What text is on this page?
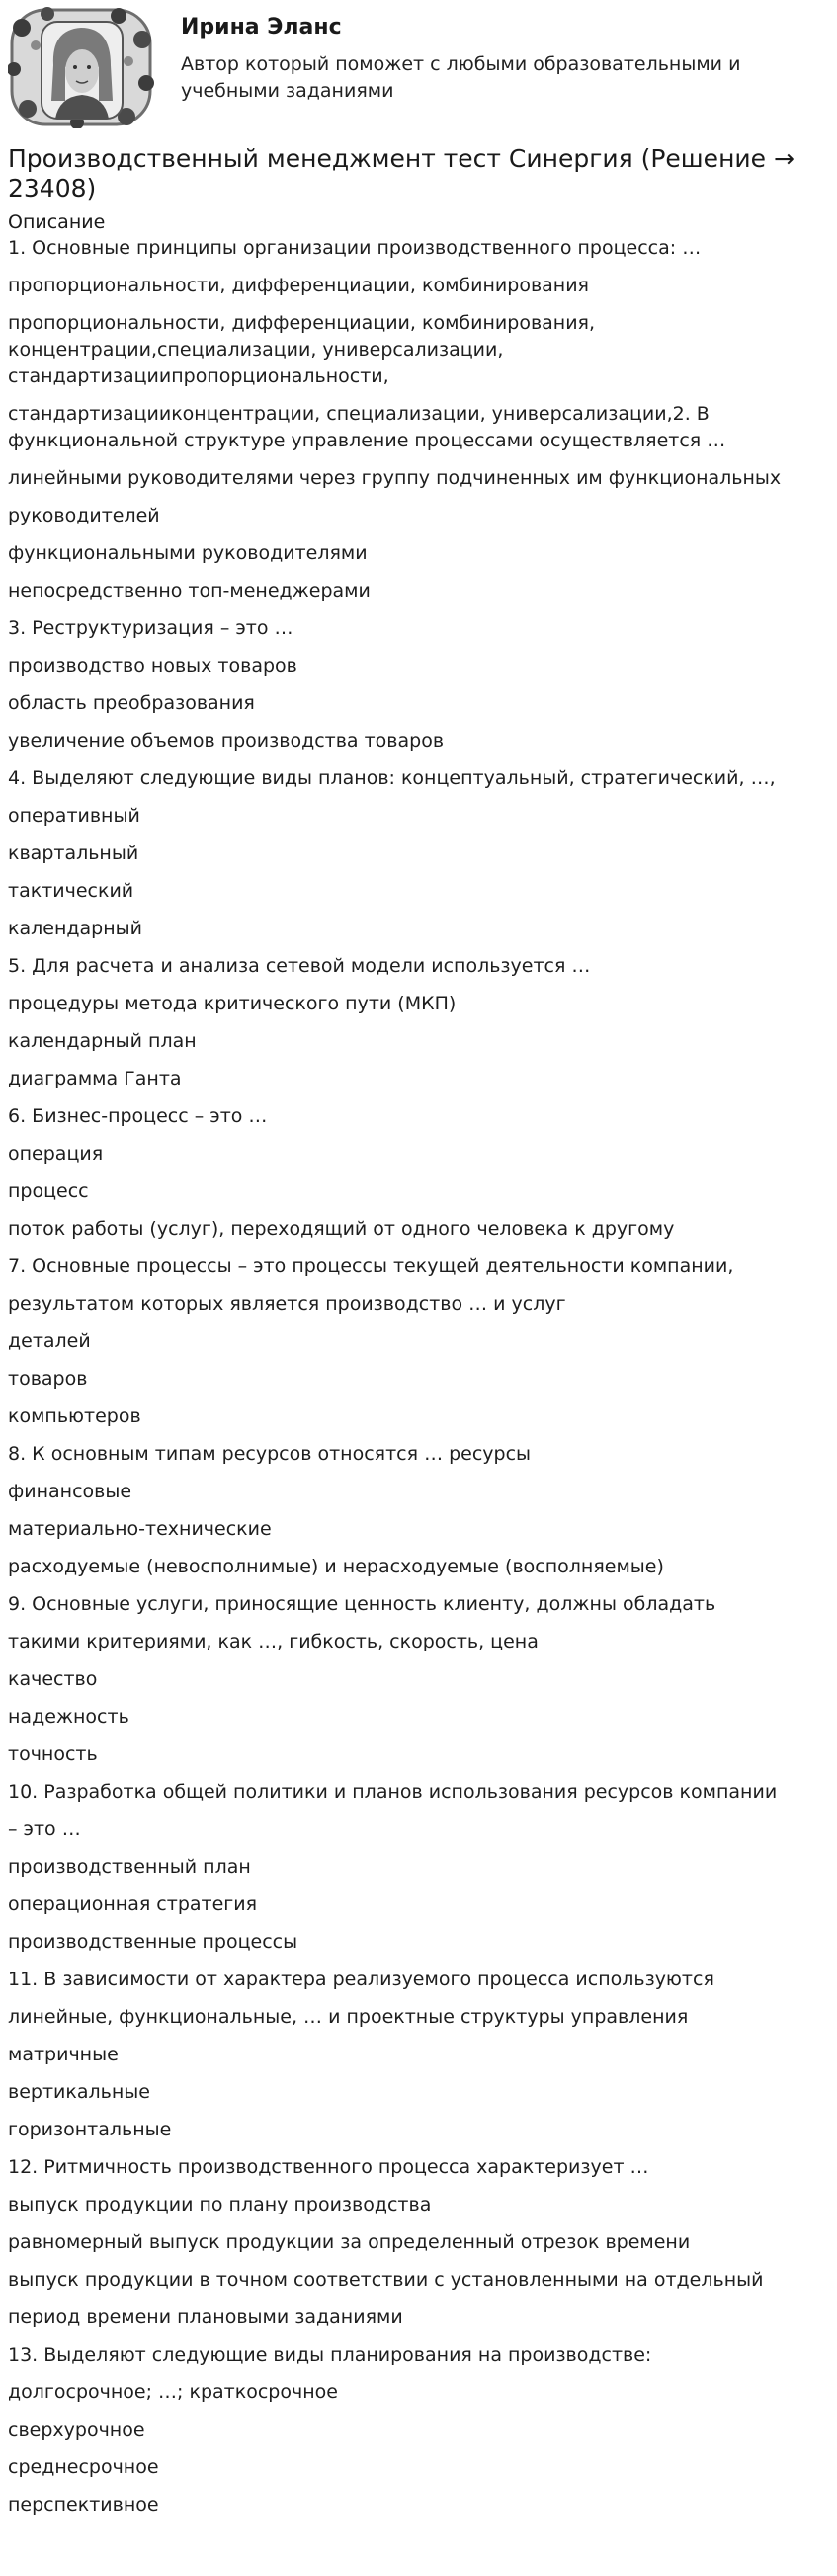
Ирина Эланс
Автор который поможет с любыми образовательными и учебными заданиями
Производственный менеджмент тест Синергия (Решение → 23408)
Описание
1. Основные принципы организации производственного процесса: …
пропорциональности, дифференциации, комбинирования
пропорциональности, дифференциации, комбинирования, концентрации,специализации, универсализации, стандартизациипропорциональности,
стандартизацииконцентрации, специализации, универсализации,2. В функциональной структуре управление процессами осуществляется …
линейными руководителями через группу подчиненных им функциональных
руководителей
функциональными руководителями
непосредственно топ-менеджерами
3. Реструктуризация – это …
производство новых товаров
область преобразования
увеличение объемов производства товаров
4. Выделяют следующие виды планов: концептуальный, стратегический, …,
оперативный
квартальный
тактический
календарный
5. Для расчета и анализа сетевой модели используется …
процедуры метода критического пути (МКП)
календарный план
диаграмма Ганта
6. Бизнес-процесс – это …
операция
процесс
поток работы (услуг), переходящий от одного человека к другому
7. Основные процессы – это процессы текущей деятельности компании,
результатом которых является производство … и услуг
деталей
товаров
компьютеров
8. К основным типам ресурсов относятся … ресурсы
финансовые
материально-технические
расходуемые (невосполнимые) и нерасходуемые (восполняемые)
9. Основные услуги, приносящие ценность клиенту, должны обладать
такими критериями, как …, гибкость, скорость, цена
качество
надежность
точность
10. Разработка общей политики и планов использования ресурсов компании
– это …
производственный план
операционная стратегия
производственные процессы
11. В зависимости от характера реализуемого процесса используются
линейные, функциональные, … и проектные структуры управления
матричные
вертикальные
горизонтальные
12. Ритмичность производственного процесса характеризует …
выпуск продукции по плану производства
равномерный выпуск продукции за определенный отрезок времени
выпуск продукции в точном соответствии с установленными на отдельный
период времени плановыми заданиями
13. Выделяют следующие виды планирования на производстве:
долгосрочное; …; краткосрочное
сверхурочное
среднесрочное
перспективное
